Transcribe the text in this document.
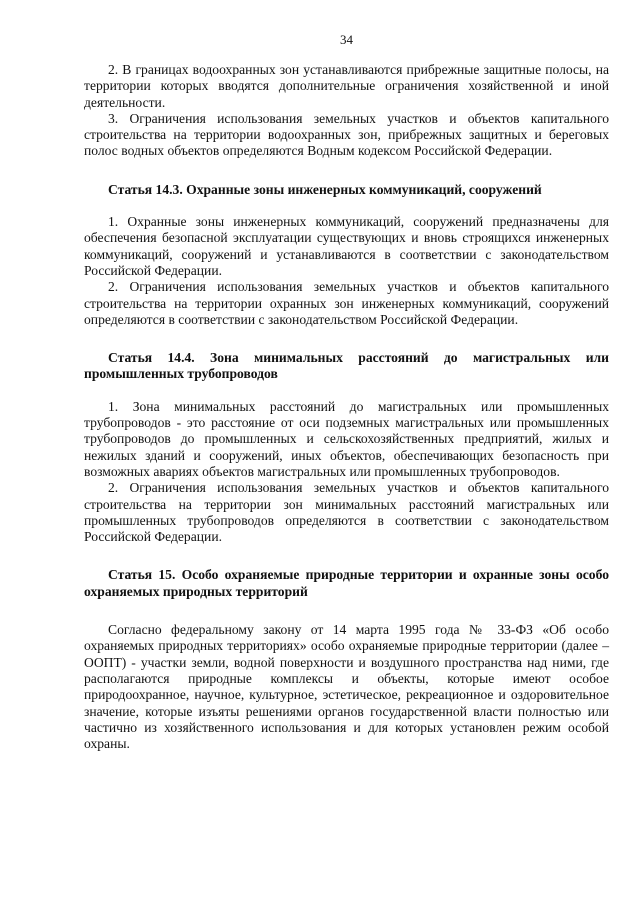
34

2. В границах водоохранных зон устанавливаются прибрежные защитные полосы, на территории которых вводятся дополнительные ограничения хозяйственной и иной деятельности.

3. Ограничения использования земельных участков и объектов капитального строительства на территории водоохранных зон, прибрежных защитных и береговых полос водных объектов определяются Водным кодексом Российской Федерации.

Статья 14.3. Охранные зоны инженерных коммуникаций, сооружений

1. Охранные зоны инженерных коммуникаций, сооружений предназначены для обеспечения безопасной эксплуатации существующих и вновь строящихся инженерных коммуникаций, сооружений и устанавливаются в соответствии с законодательством Российской Федерации.

2. Ограничения использования земельных участков и объектов капитального строительства на территории охранных зон инженерных коммуникаций, сооружений определяются в соответствии с законодательством Российской Федерации.

Статья 14.4. Зона минимальных расстояний до магистральных или промышленных трубопроводов

1. Зона минимальных расстояний до магистральных или промышленных трубопроводов - это расстояние от оси подземных магистральных или промышленных трубопроводов до промышленных и сельскохозяйственных предприятий, жилых и нежилых зданий и сооружений, иных объектов, обеспечивающих безопасность при возможных авариях объектов магистральных или промышленных трубопроводов.

2. Ограничения использования земельных участков и объектов капитального строительства на территории зон минимальных расстояний магистральных или промышленных трубопроводов определяются в соответствии с законодательством Российской Федерации.

Статья 15. Особо охраняемые природные территории и охранные зоны особо охраняемых природных территорий

Согласно федеральному закону от 14 марта 1995 года № 33-ФЗ «Об особо охраняемых природных территориях» особо охраняемые природные территории (далее – ООПТ) - участки земли, водной поверхности и воздушного пространства над ними, где располагаются природные комплексы и объекты, которые имеют особое природоохранное, научное, культурное, эстетическое, рекреационное и оздоровительное значение, которые изъяты решениями органов государственной власти полностью или частично из хозяйственного использования и для которых установлен режим особой охраны.
